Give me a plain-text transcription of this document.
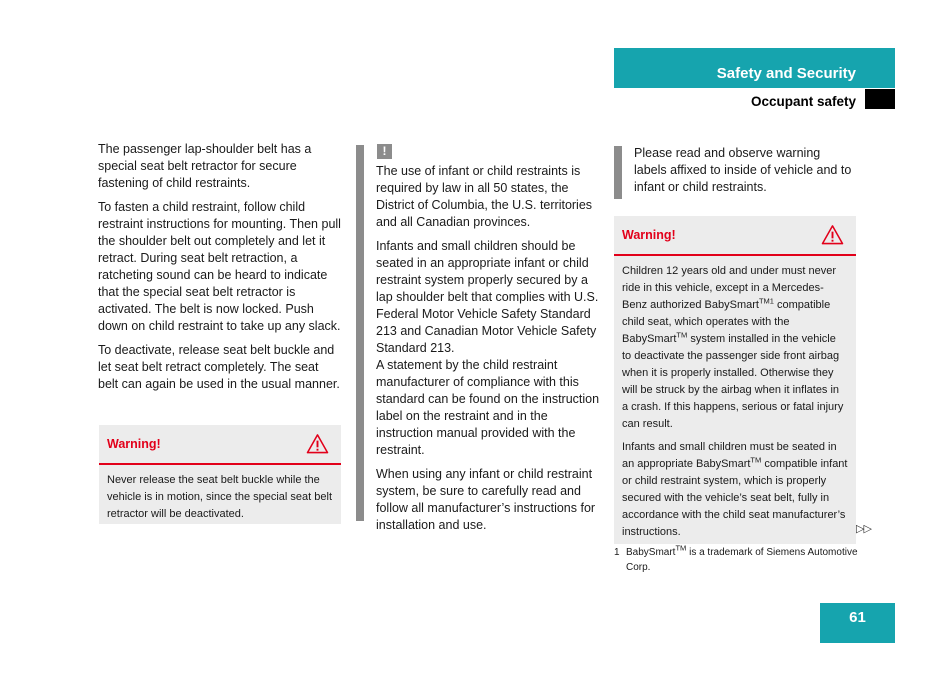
Safety and Security
Occupant safety

The passenger lap-shoulder belt has a special seat belt retractor for secure fastening of child restraints.

To fasten a child restraint, follow child restraint instructions for mounting. Then pull the shoulder belt out completely and let it retract. During seat belt retraction, a ratcheting sound can be heard to indicate that the special seat belt retractor is activated. The belt is now locked. Push down on child restraint to take up any slack.

To deactivate, release seat belt buckle and let seat belt retract completely. The seat belt can again be used in the usual manner.

Warning!
Never release the seat belt buckle while the vehicle is in motion, since the special seat belt retractor will be deactivated.
!

The use of infant or child restraints is required by law in all 50 states, the District of Columbia, the U.S. territories and all Canadian provinces.

Infants and small children should be seated in an appropriate infant or child restraint system properly secured by a lap shoulder belt that complies with U.S. Federal Motor Vehicle Safety Standard 213 and Canadian Motor Vehicle Safety Standard 213.

A statement by the child restraint manufacturer of compliance with this standard can be found on the instruction label on the restraint and in the instruction manual provided with the restraint.

When using any infant or child restraint system, be sure to carefully read and follow all manufacturer’s instructions for installation and use.

Please read and observe warning labels affixed to inside of vehicle and to infant or child restraints.

Warning!

Children 12 years old and under must never ride in this vehicle, except in a Mercedes-Benz authorized BabySmart$^{TM1}$ compatible child seat, which operates with the BabySmart™ system installed in the vehicle to deactivate the passenger side front airbag when it is properly installed. Otherwise they will be struck by the airbag when it inflates in a crash. If this happens, serious or fatal injury can result.

Infants and small children must be seated in an appropriate BabySmart™ compatible infant or child restraint system, which is properly secured with the vehicle’s seat belt, fully in accordance with the child seat manufacturer’s instructions.	▷▷
1 BabySmart™ is a trademark of Siemens Automotive Corp.
61
